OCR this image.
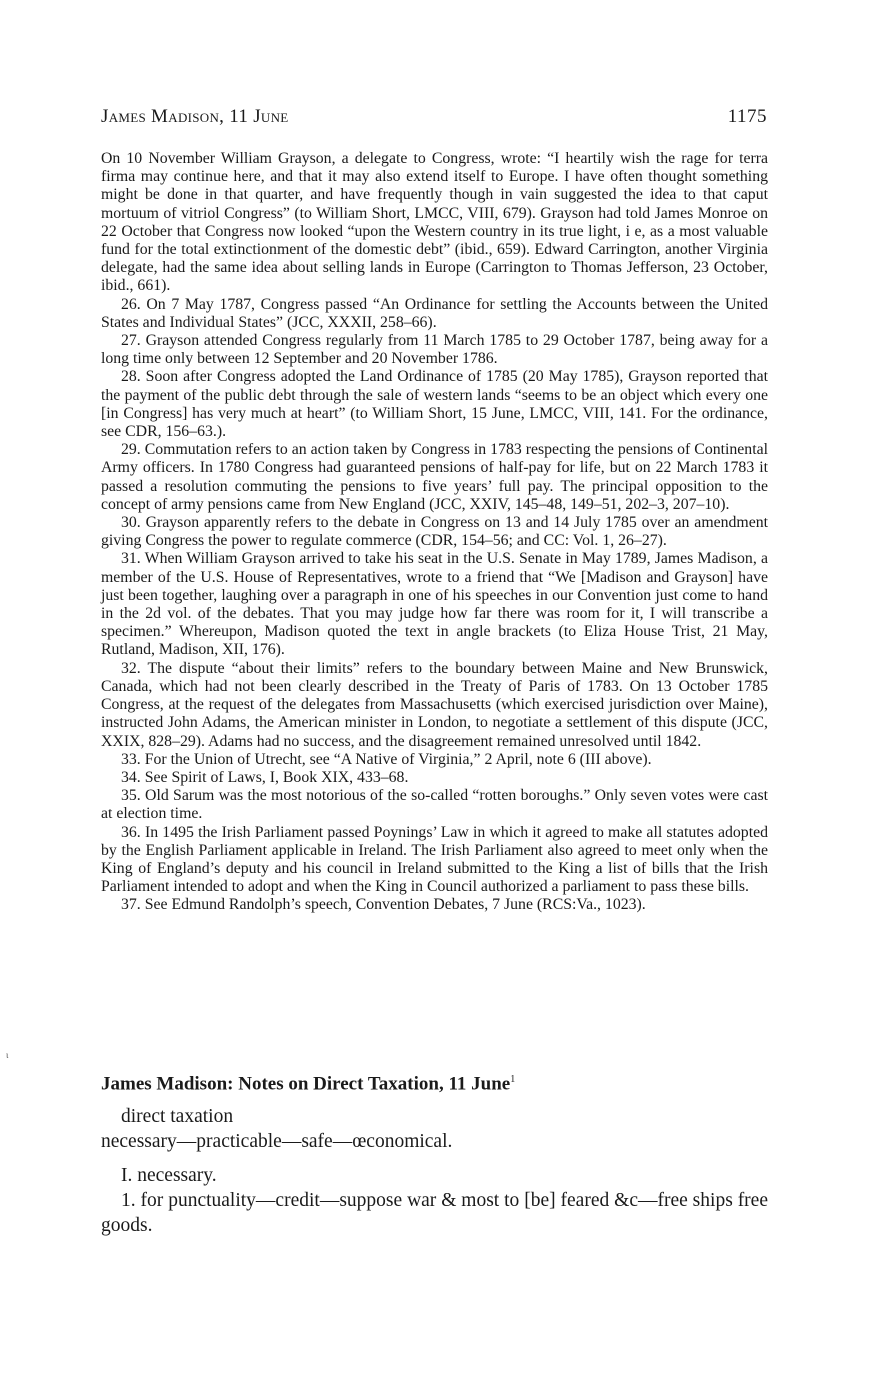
James Madison, 11 June	1175

On 10 November William Grayson, a delegate to Congress, wrote: “I heartily wish the rage for terra firma may continue here, and that it may also extend itself to Europe. I have often thought something might be done in that quarter, and have frequently though in vain suggested the idea to that caput mortuum of vitriol Congress” (to William Short, LMCC, VIII, 679). Grayson had told James Monroe on 22 October that Congress now looked “upon the Western country in its true light, i e, as a most valuable fund for the total extinctionment of the domestic debt” (ibid., 659). Edward Carrington, another Virginia delegate, had the same idea about selling lands in Europe (Carrington to Thomas Jefferson, 23 October, ibid., 661).

26. On 7 May 1787, Congress passed “An Ordinance for settling the Accounts between the United States and Individual States” (JCC, XXXII, 258–66).

27. Grayson attended Congress regularly from 11 March 1785 to 29 October 1787, being away for a long time only between 12 September and 20 November 1786.

28. Soon after Congress adopted the Land Ordinance of 1785 (20 May 1785), Grayson reported that the payment of the public debt through the sale of western lands “seems to be an object which every one [in Congress] has very much at heart” (to William Short, 15 June, LMCC, VIII, 141. For the ordinance, see CDR, 156–63.).

29. Commutation refers to an action taken by Congress in 1783 respecting the pensions of Continental Army officers. In 1780 Congress had guaranteed pensions of half-pay for life, but on 22 March 1783 it passed a resolution commuting the pensions to five years’ full pay. The principal opposition to the concept of army pensions came from New England (JCC, XXIV, 145–48, 149–51, 202–3, 207–10).

30. Grayson apparently refers to the debate in Congress on 13 and 14 July 1785 over an amendment giving Congress the power to regulate commerce (CDR, 154–56; and CC: Vol. 1, 26–27).

31. When William Grayson arrived to take his seat in the U.S. Senate in May 1789, James Madison, a member of the U.S. House of Representatives, wrote to a friend that “We [Madison and Grayson] have just been together, laughing over a paragraph in one of his speeches in our Convention just come to hand in the 2d vol. of the debates. That you may judge how far there was room for it, I will transcribe a specimen.” Whereupon, Madison quoted the text in angle brackets (to Eliza House Trist, 21 May, Rutland, Madison, XII, 176).

32. The dispute “about their limits” refers to the boundary between Maine and New Brunswick, Canada, which had not been clearly described in the Treaty of Paris of 1783. On 13 October 1785 Congress, at the request of the delegates from Massachusetts (which exercised jurisdiction over Maine), instructed John Adams, the American minister in London, to negotiate a settlement of this dispute (JCC, XXIX, 828–29). Adams had no success, and the disagreement remained unresolved until 1842.

33. For the Union of Utrecht, see “A Native of Virginia,” 2 April, note 6 (III above).

34. See Spirit of Laws, I, Book XIX, 433–68.

35. Old Sarum was the most notorious of the so-called “rotten boroughs.” Only seven votes were cast at election time.

36. In 1495 the Irish Parliament passed Poynings’ Law in which it agreed to make all statutes adopted by the English Parliament applicable in Ireland. The Irish Parliament also agreed to meet only when the King of England’s deputy and his council in Ireland submitted to the King a list of bills that the Irish Parliament intended to adopt and when the King in Council authorized a parliament to pass these bills.

37. See Edmund Randolph’s speech, Convention Debates, 7 June (RCS:Va., 1023).

ɩ
James Madison: Notes on Direct Taxation, 11 June$^1$

direct taxation

necessary—practicable—safe—œconomical.

I. necessary.

1. for punctuality—credit—suppose war & most to [be] feared &c—free ships free goods.
